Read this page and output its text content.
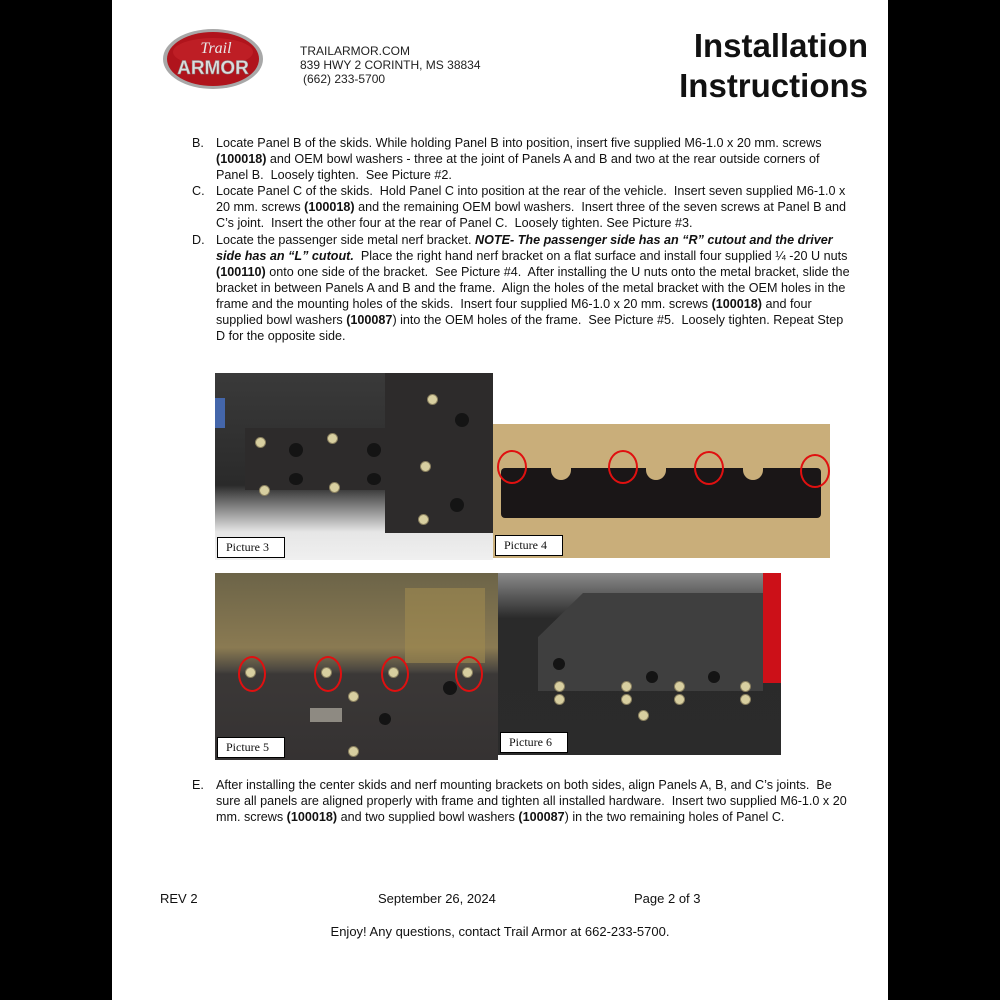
Trail
ARMOR
TRAILARMOR.COM
839 HWY 2 CORINTH, MS 38834
(662) 233-5700
Installation
Instructions

B. Locate Panel B of the skids. While holding Panel B into position, insert five supplied M6-1.0 x 20 mm. screws (100018) and OEM bowl washers - three at the joint of Panels A and B and two at the rear outside corners of Panel B.  Loosely tighten.  See Picture #2.

C. Locate Panel C of the skids.  Hold Panel C into position at the rear of the vehicle.  Insert seven supplied M6-1.0 x 20 mm. screws (100018) and the remaining OEM bowl washers.  Insert three of the seven screws at Panel B and C’s joint.  Insert the other four at the rear of Panel C.  Loosely tighten. See Picture #3.

D. Locate the passenger side metal nerf bracket. NOTE- The passenger side has an “R” cutout and the driver side has an “L” cutout.  Place the right hand nerf bracket on a flat surface and install four supplied ¼ -20 U nuts (100110) onto one side of the bracket.  See Picture #4.  After installing the U nuts onto the metal bracket, slide the bracket in between Panels A and B and the frame.  Align the holes of the metal bracket with the OEM holes in the frame and the mounting holes of the skids.  Insert four supplied M6-1.0 x 20 mm. screws (100018) and four supplied bowl washers (100087) into the OEM holes of the frame.  See Picture #5.  Loosely tighten. Repeat Step D for the opposite side.

Picture 3	Picture 4
Picture 5	Picture 6

E. After installing the center skids and nerf mounting brackets on both sides, align Panels A, B, and C’s joints.  Be sure all panels are aligned properly with frame and tighten all installed hardware.  Insert two supplied M6-1.0 x 20 mm. screws (100018) and two supplied bowl washers (100087) in the two remaining holes of Panel C.

REV 2	September 26, 2024	Page 2 of 3
Enjoy! Any questions, contact Trail Armor at 662-233-5700.
